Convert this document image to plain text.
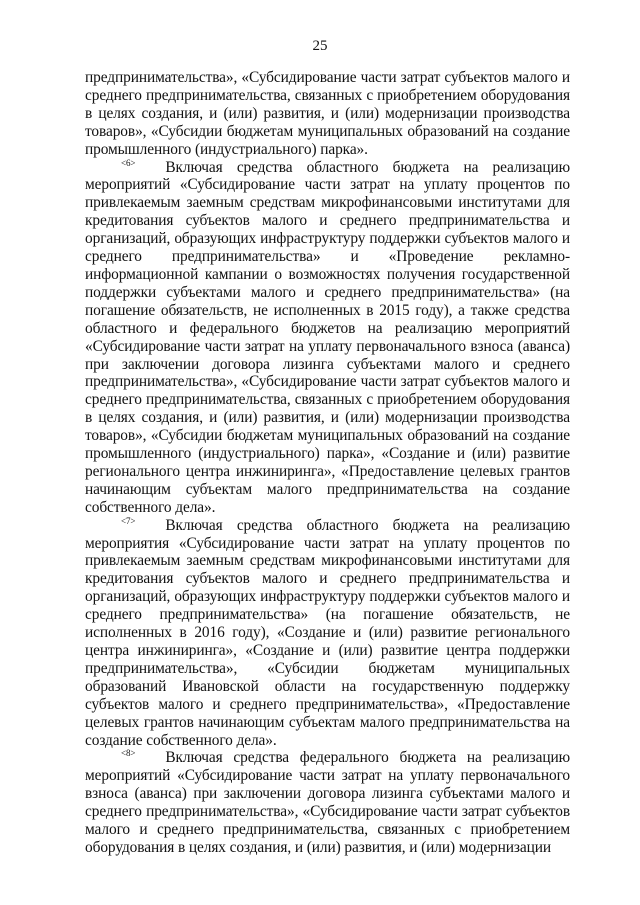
25

предпринимательства», «Субсидирование части затрат субъектов малого и среднего предпринимательства, связанных с приобретением оборудования в целях создания, и (или) развития, и (или) модернизации производства товаров», «Субсидии бюджетам муниципальных образований на создание промышленного (индустриального) парка».

$^{<6>}$ Включая средства областного бюджета на реализацию мероприятий «Субсидирование части затрат на уплату процентов по привлекаемым заемным средствам микрофинансовыми институтами для кредитования субъектов малого и среднего предпринимательства и организаций, образующих инфраструктуру поддержки субъектов малого и среднего предпринимательства» и «Проведение рекламно-информационной кампании о возможностях получения государственной поддержки субъектами малого и среднего предпринимательства» (на погашение обязательств, не исполненных в 2015 году), а также средства областного и федерального бюджетов на реализацию мероприятий «Субсидирование части затрат на уплату первоначального взноса (аванса) при заключении договора лизинга субъектами малого и среднего предпринимательства», «Субсидирование части затрат субъектов малого и среднего предпринимательства, связанных с приобретением оборудования в целях создания, и (или) развития, и (или) модернизации производства товаров», «Субсидии бюджетам муниципальных образований на создание промышленного (индустриального) парка», «Создание и (или) развитие регионального центра инжиниринга», «Предоставление целевых грантов начинающим субъектам малого предпринимательства на создание собственного дела».

$^{<7>}$ Включая средства областного бюджета на реализацию мероприятия «Субсидирование части затрат на уплату процентов по привлекаемым заемным средствам микрофинансовыми институтами для кредитования субъектов малого и среднего предпринимательства и организаций, образующих инфраструктуру поддержки субъектов малого и среднего предпринимательства» (на погашение обязательств, не исполненных в 2016 году), «Создание и (или) развитие регионального центра инжиниринга», «Создание и (или) развитие центра поддержки предпринимательства», «Субсидии бюджетам муниципальных образований Ивановской области на государственную поддержку субъектов малого и среднего предпринимательства», «Предоставление целевых грантов начинающим субъектам малого предпринимательства на создание собственного дела».

$^{<8>}$ Включая средства федерального бюджета на реализацию мероприятий «Субсидирование части затрат на уплату первоначального взноса (аванса) при заключении договора лизинга субъектами малого и среднего предпринимательства», «Субсидирование части затрат субъектов малого и среднего предпринимательства, связанных с приобретением оборудования в целях создания, и (или) развития, и (или) модернизации
